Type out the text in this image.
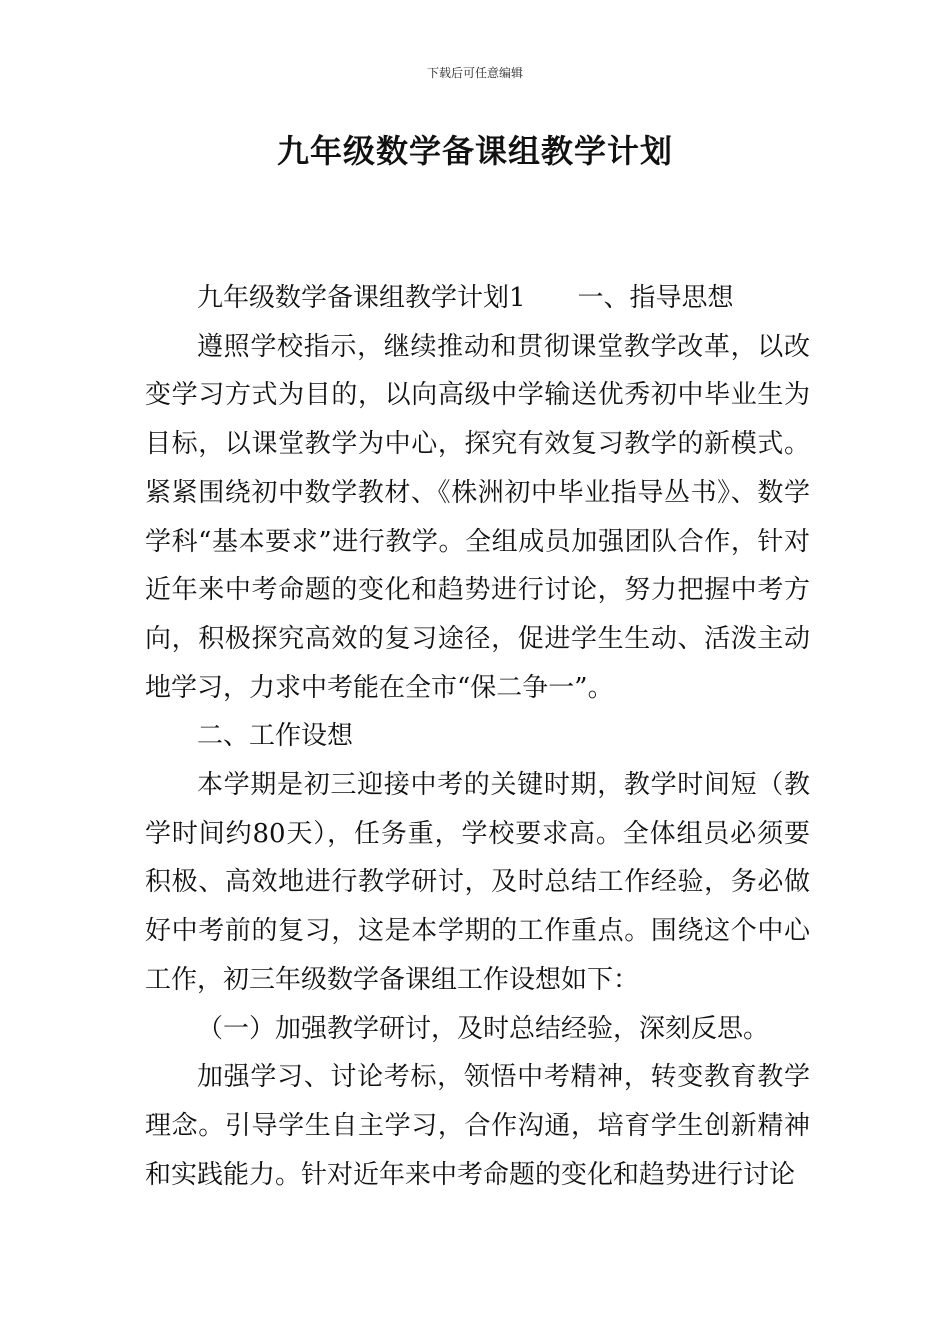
下载后可任意编辑
九年级数学备课组教学计划

九年级数学备课组教学计划1 一、指导思想

遵照学校指示，继续推动和贯彻课堂教学改革，以改变学习方式为目的，以向高级中学输送优秀初中毕业生为目标，以课堂教学为中心，探究有效复习教学的新模式。紧紧围绕初中数学教材、《株洲初中毕业指导丛书》、数学学科“基本要求”进行教学。全组成员加强团队合作，针对近年来中考命题的变化和趋势进行讨论，努力把握中考方向，积极探究高效的复习途径，促进学生生动、活泼主动地学习，力求中考能在全市“保二争一”。

二、工作设想

本学期是初三迎接中考的关键时期，教学时间短（教学时间约80天），任务重，学校要求高。全体组员必须要积极、高效地进行教学研讨，及时总结工作经验，务必做好中考前的复习，这是本学期的工作重点。围绕这个中心工作，初三年级数学备课组工作设想如下：

（一）加强教学研讨，及时总结经验，深刻反思。

加强学习、讨论考标，领悟中考精神，转变教育教学理念。引导学生自主学习，合作沟通，培育学生创新精神和实践能力。针对近年来中考命题的变化和趋势进行讨论
